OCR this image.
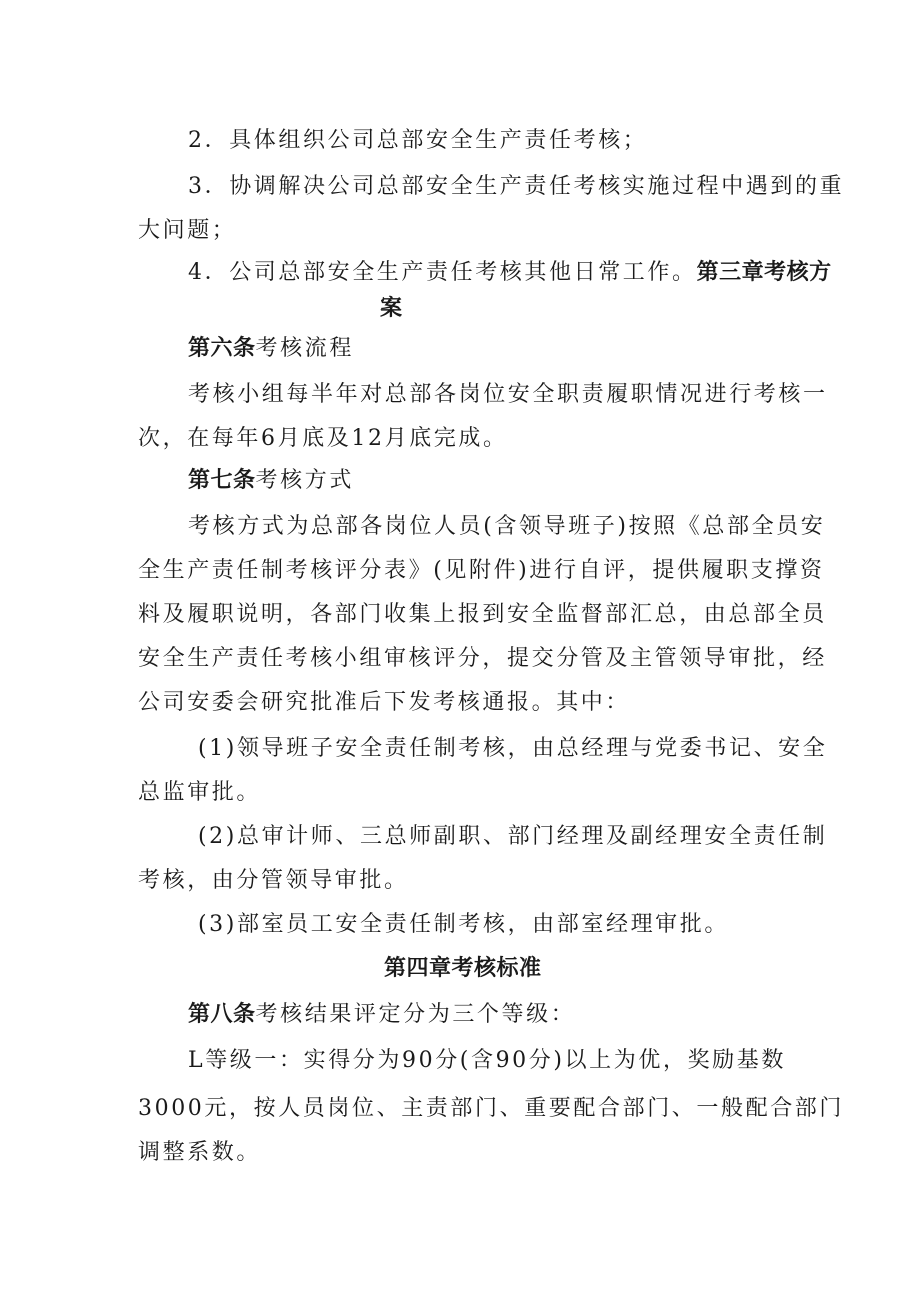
2．具体组织公司总部安全生产责任考核；
3．协调解决公司总部安全生产责任考核实施过程中遇到的重
大问题；
4．公司总部安全生产责任考核其他日常工作。第三章考核方
案
第六条考核流程
考核小组每半年对总部各岗位安全职责履职情况进行考核一
次，在每年6月底及12月底完成。
第七条考核方式
考核方式为总部各岗位人员(含领导班子)按照《总部全员安
全生产责任制考核评分表》(见附件)进行自评，提供履职支撑资
料及履职说明，各部门收集上报到安全监督部汇总，由总部全员
安全生产责任考核小组审核评分，提交分管及主管领导审批，经
公司安委会研究批准后下发考核通报。其中：
(1)领导班子安全责任制考核，由总经理与党委书记、安全
总监审批。
(2)总审计师、三总师副职、部门经理及副经理安全责任制
考核，由分管领导审批。
(3)部室员工安全责任制考核，由部室经理审批。
第四章考核标准
第八条考核结果评定分为三个等级：
L等级一：实得分为90分(含90分)以上为优，奖励基数
3000元，按人员岗位、主责部门、重要配合部门、一般配合部门
调整系数。
